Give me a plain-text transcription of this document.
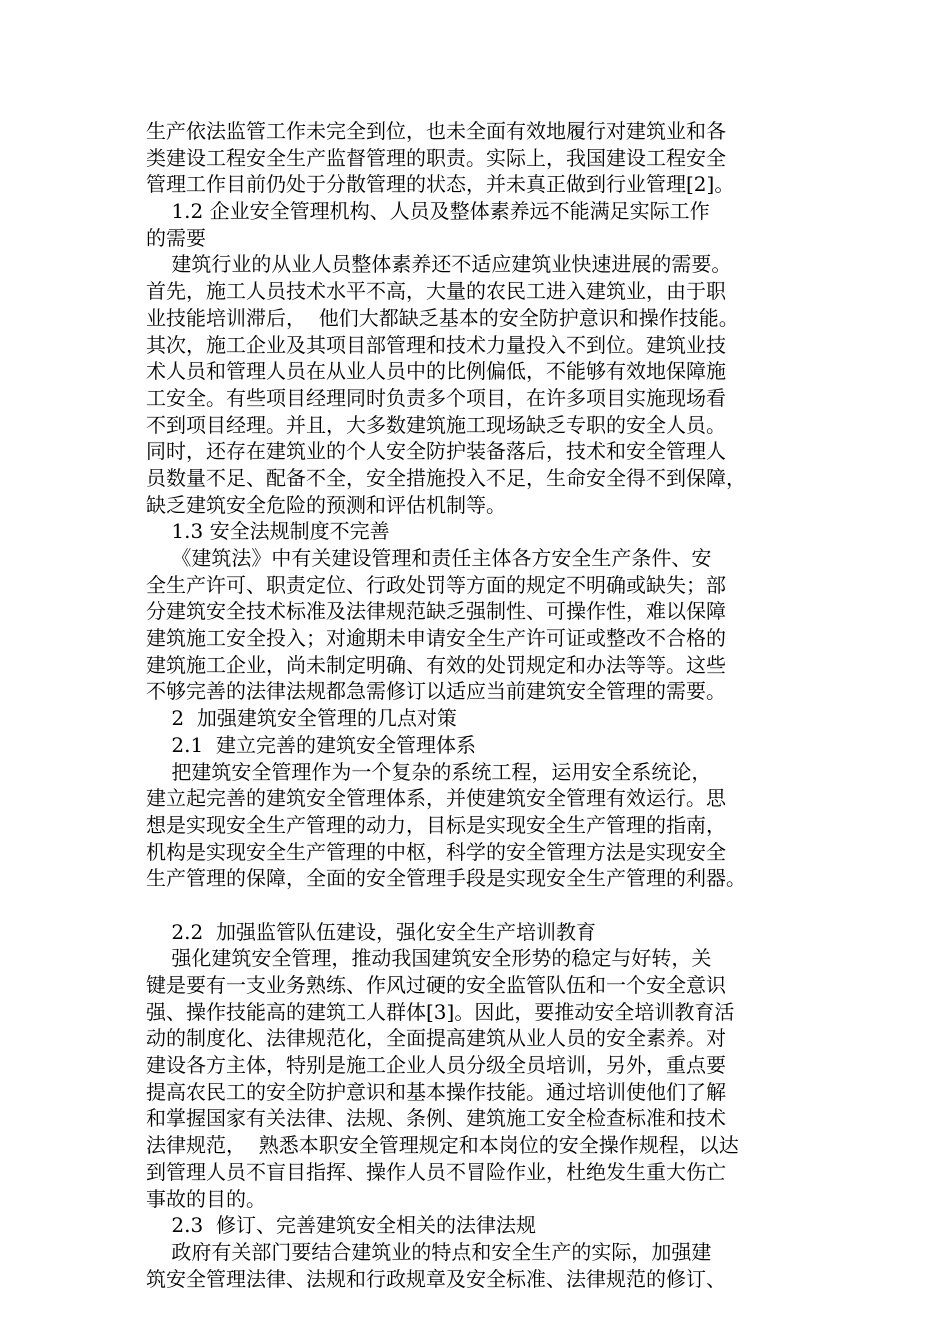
生产依法监管工作未完全到位，也未全面有效地履行对建筑业和各
类建设工程安全生产监督管理的职责。实际上，我国建设工程安全
管理工作目前仍处于分散管理的状态，并未真正做到行业管理[2]。
1.2 企业安全管理机构、人员及整体素养远不能满足实际工作
的需要
建筑行业的从业人员整体素养还不适应建筑业快速进展的需要。
首先，施工人员技术水平不高，大量的农民工进入建筑业，由于职
业技能培训滞后，  他们大都缺乏基本的安全防护意识和操作技能。
其次，施工企业及其项目部管理和技术力量投入不到位。建筑业技
术人员和管理人员在从业人员中的比例偏低，不能够有效地保障施
工安全。有些项目经理同时负责多个项目，在许多项目实施现场看
不到项目经理。并且，大多数建筑施工现场缺乏专职的安全人员。
同时，还存在建筑业的个人安全防护装备落后，技术和安全管理人
员数量不足、配备不全，安全措施投入不足，生命安全得不到保障，
缺乏建筑安全危险的预测和评估机制等。
1.3 安全法规制度不完善
《建筑法》中有关建设管理和责任主体各方安全生产条件、安
全生产许可、职责定位、行政处罚等方面的规定不明确或缺失；部
分建筑安全技术标准及法律规范缺乏强制性、可操作性，难以保障
建筑施工安全投入；对逾期未申请安全生产许可证或整改不合格的
建筑施工企业，尚未制定明确、有效的处罚规定和办法等等。这些
不够完善的法律法规都急需修订以适应当前建筑安全管理的需要。
2  加强建筑安全管理的几点对策
2.1  建立完善的建筑安全管理体系
把建筑安全管理作为一个复杂的系统工程，运用安全系统论，
建立起完善的建筑安全管理体系，并使建筑安全管理有效运行。思
想是实现安全生产管理的动力，目标是实现安全生产管理的指南，
机构是实现安全生产管理的中枢，科学的安全管理方法是实现安全
生产管理的保障，全面的安全管理手段是实现安全生产管理的利器。
2.2  加强监管队伍建设，强化安全生产培训教育
强化建筑安全管理，推动我国建筑安全形势的稳定与好转，关
键是要有一支业务熟练、作风过硬的安全监管队伍和一个安全意识
强、操作技能高的建筑工人群体[3]。因此，要推动安全培训教育活
动的制度化、法律规范化，全面提高建筑从业人员的安全素养。对
建设各方主体，特别是施工企业人员分级全员培训，另外，重点要
提高农民工的安全防护意识和基本操作技能。通过培训使他们了解
和掌握国家有关法律、法规、条例、建筑施工安全检查标准和技术
法律规范，  熟悉本职安全管理规定和本岗位的安全操作规程，以达
到管理人员不盲目指挥、操作人员不冒险作业，杜绝发生重大伤亡
事故的目的。
2.3  修订、完善建筑安全相关的法律法规
政府有关部门要结合建筑业的特点和安全生产的实际，加强建
筑安全管理法律、法规和行政规章及安全标准、法律规范的修订、
